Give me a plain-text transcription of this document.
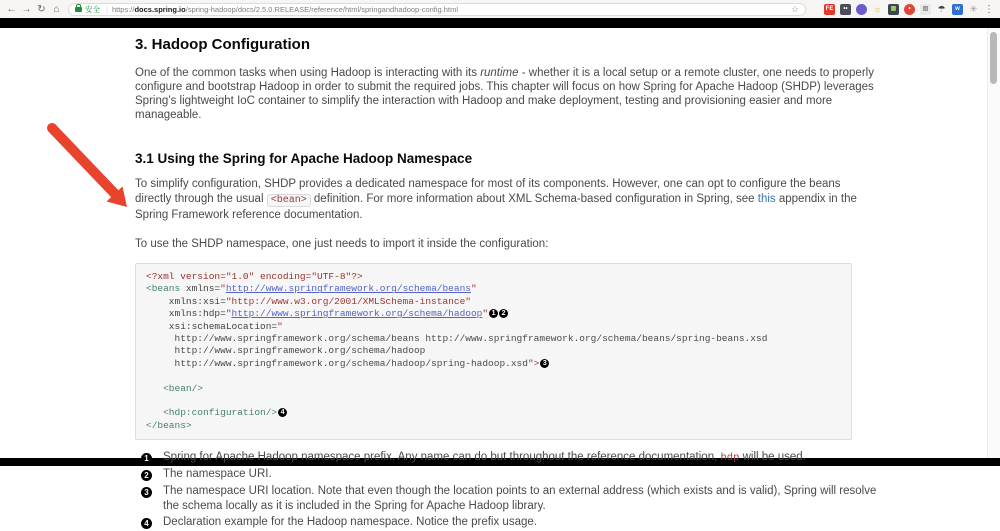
← → ↻ ⌂	安全 | https:// docs.spring.io /spring-hadoop/docs/2.5.0.RELEASE/reference/html/springandhadoop-config.html	☆	FE	••	☼	▦	•	▨ ☂	w	✳ ⋮
3. Hadoop Configuration

One of the common tasks when using Hadoop is interacting with its runtime - whether it is a local setup or a remote cluster, one needs to properly configure and bootstrap Hadoop in order to submit the required jobs. This chapter will focus on how Spring for Apache Hadoop (SHDP) leverages Spring’s lightweight IoC container to simplify the interaction with Hadoop and make deployment, testing and provisioning easier and more manageable.

3.1 Using the Spring for Apache Hadoop Namespace

To simplify configuration, SHDP provides a dedicated namespace for most of its components. However, one can opt to configure the beans directly through the usual <bean> definition. For more information about XML Schema-based configuration in Spring, see this appendix in the Spring Framework reference documentation.

To use the SHDP namespace, one just needs to import it inside the configuration:

<?xml version="1.0" encoding="UTF-8"?>
<beans xmlns="http://www.springframework.org/schema/beans"
xmlns:xsi="http://www.w3.org/2001/XMLSchema-instance"
xmlns:hdp="http://www.springframework.org/schema/hadoop" 1 2
xsi:schemaLocation="
http://www.springframework.org/schema/beans http://www.springframework.org/schema/beans/spring-beans.xsd
http://www.springframework.org/schema/hadoop
http://www.springframework.org/schema/hadoop/spring-hadoop.xsd"> 3
<bean/>
<hdp:configuration/> 4
</beans>
1	Spring for Apache Hadoop namespace prefix. Any name can do but throughout the reference documentation, hdp will be used.
2	The namespace URI.
3	The namespace URI location. Note that even though the location points to an external address (which exists and is valid), Spring will resolve the schema locally as it is included in the Spring for Apache Hadoop library.
4	Declaration example for the Hadoop namespace. Notice the prefix usage.
